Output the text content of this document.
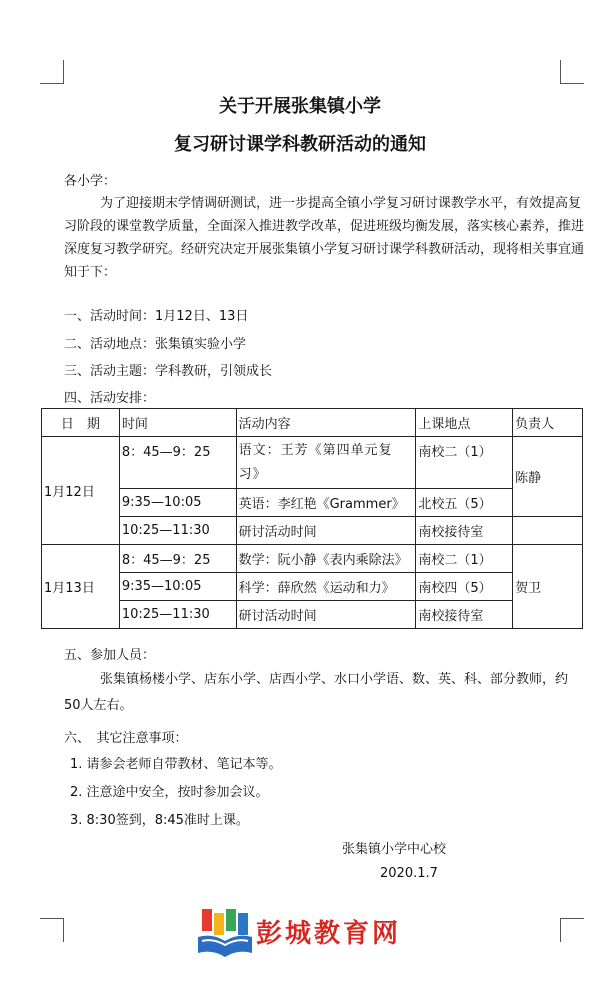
关于开展张集镇小学
复习研讨课学科教研活动的通知
各小学：
为了迎接期末学情调研测试，进一步提高全镇小学复习研讨课教学水平，有效提高复习阶段的课堂教学质量，全面深入推进教学改革，促进班级均衡发展，落实核心素养，推进深度复习教学研究。经研究决定开展张集镇小学复习研讨课学科教研活动，现将相关事宜通知于下：
一、活动时间：1月12日、13日
二、活动地点：张集镇实验小学
三、活动主题：学科教研，引领成长
四、活动安排：
日　期	时间	活动内容	上课地点	负责人
1月12日	8：45—9：25	语文：王芳《第四单元复习》	南校二（1）	陈静
	9:35—10:05	英语：李红艳《Grammer》	北校五（5）	
	10:25—11:30	研讨活动时间	南校接待室	
1月13日	8：45—9：25	数学：阮小静《表内乘除法》	南校二（1）	贺卫
	9:35—10:05	科学：薛欣然《运动和力》	南校四（5）	
	10:25—11:30	研讨活动时间	南校接待室	
五、参加人员：
张集镇杨楼小学、店东小学、店西小学、水口小学语、数、英、科、部分教师，约50人左右。
六、　其它注意事项：
1. 请参会老师自带教材、笔记本等。
2. 注意途中安全，按时参加会议。
3. 8:30签到，8:45准时上课。
张集镇小学中心校
2020.1.7
彭城教育网
